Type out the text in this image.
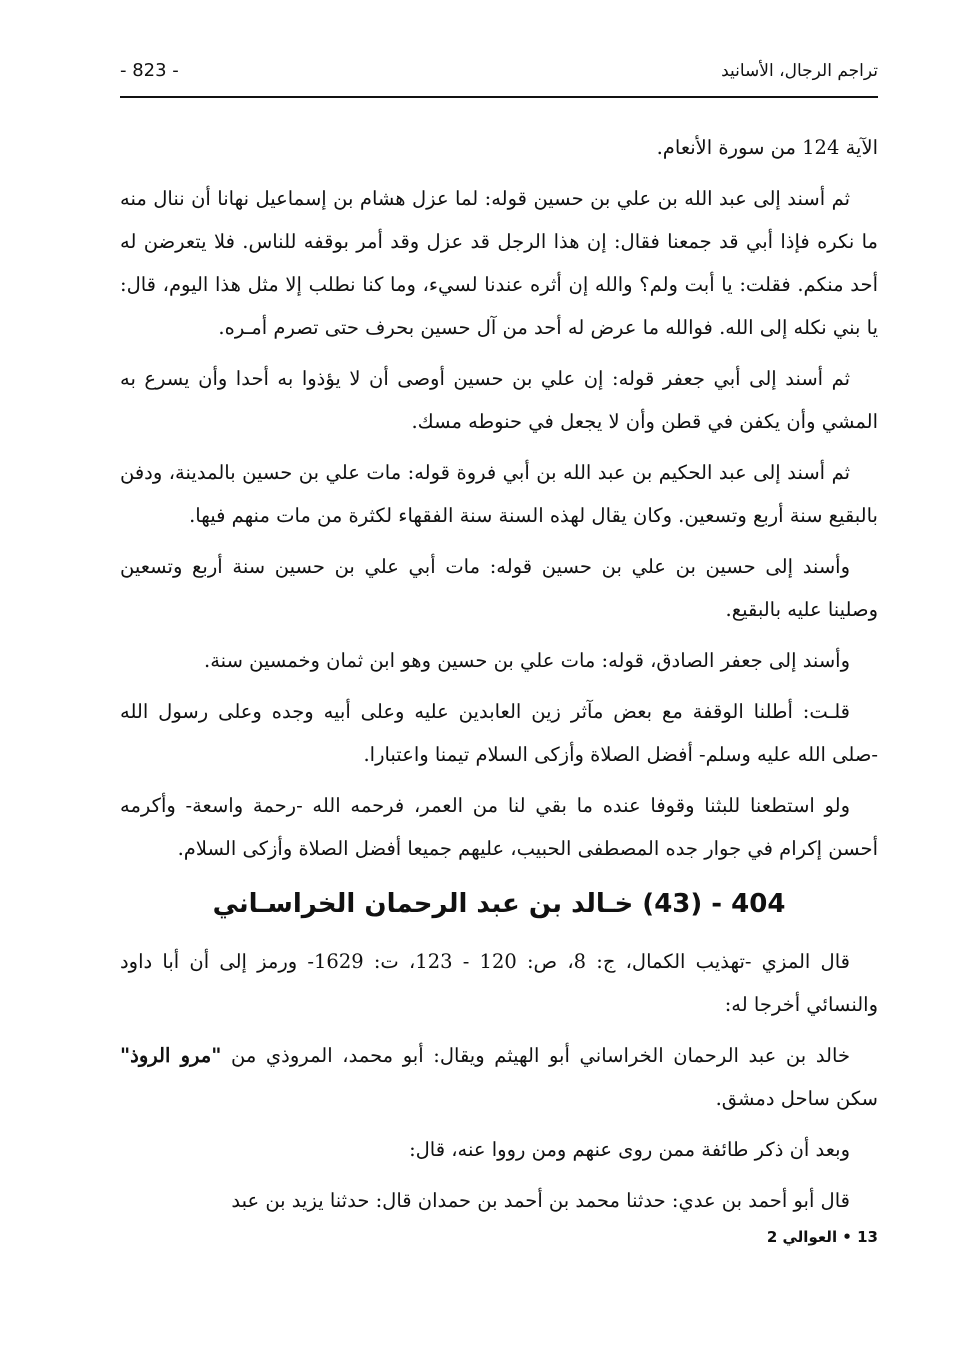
تراجم الرجال، الأسانيد
- 823 -

الآية 124 من سورة الأنعام.

ثم أسند إلى عبد الله بن علي بن حسين قوله: لما عزل هشام بن إسماعيل نهانا أن ننال منه ما نكره فإذا أبي قد جمعنا فقال: إن هذا الرجل قد عزل وقد أمر بوقفه للناس. فلا يتعرضن له أحد منكم. فقلت: يا أبت ولم؟ والله إن أثره عندنا لسيء، وما كنا نطلب إلا مثل هذا اليوم، قال: يا بني نكله إلى الله. فوالله ما عرض له أحد من آل حسين بحرف حتى تصرم أمـره.

ثم أسند إلى أبي جعفر قوله: إن علي بن حسين أوصى أن لا يؤذوا به أحدا وأن يسرع به المشي وأن يكفن في قطن وأن لا يجعل في حنوطه مسك.

ثم أسند إلى عبد الحكيم بن عبد الله بن أبي فروة قوله: مات علي بن حسين بالمدينة، ودفن بالبقيع سنة أربع وتسعين. وكان يقال لهذه السنة سنة الفقهاء لكثرة من مات منهم فيها.

وأسند إلى حسين بن علي بن حسين قوله: مات أبي علي بن حسين سنة أربع وتسعين وصلينا عليه بالبقيع.

وأسند إلى جعفر الصادق، قوله: مات علي بن حسين وهو ابن ثمان وخمسين سنة.

قلـت: أطلنا الوقفة مع بعض مآثر زين العابدين عليه وعلى أبيه وجده وعلى رسول الله -صلى الله عليه وسلم- أفضل الصلاة وأزكى السلام تيمنا واعتبارا.

ولو استطعنا للبثنا وقوفا عنده ما بقي لنا من العمر، فرحمه الله -رحمة واسعة- وأكرمه أحسن إكرام في جوار جده المصطفى الحبيب، عليهم جميعا أفضل الصلاة وأزكى السلام.

404 - (43) خـالد بن عبد الرحمان الخراسـاني

قال المزي -تهذيب الكمال، ج: 8، ص: 120 - 123، ت: 1629- ورمز إلى أن أبا داود والنسائي أخرجا له:

خالد بن عبد الرحمان الخراساني أبو الهيثم ويقال: أبو محمد، المروذي من "مرو الروذ" سكن ساحل دمشق.

وبعد أن ذكر طائفة ممن روى عنهم ومن رووا عنه، قال:

قال أبو أحمد بن عدي: حدثنا محمد بن أحمد بن حمدان قال: حدثنا يزيد بن عبد

13 • العوالي 2
